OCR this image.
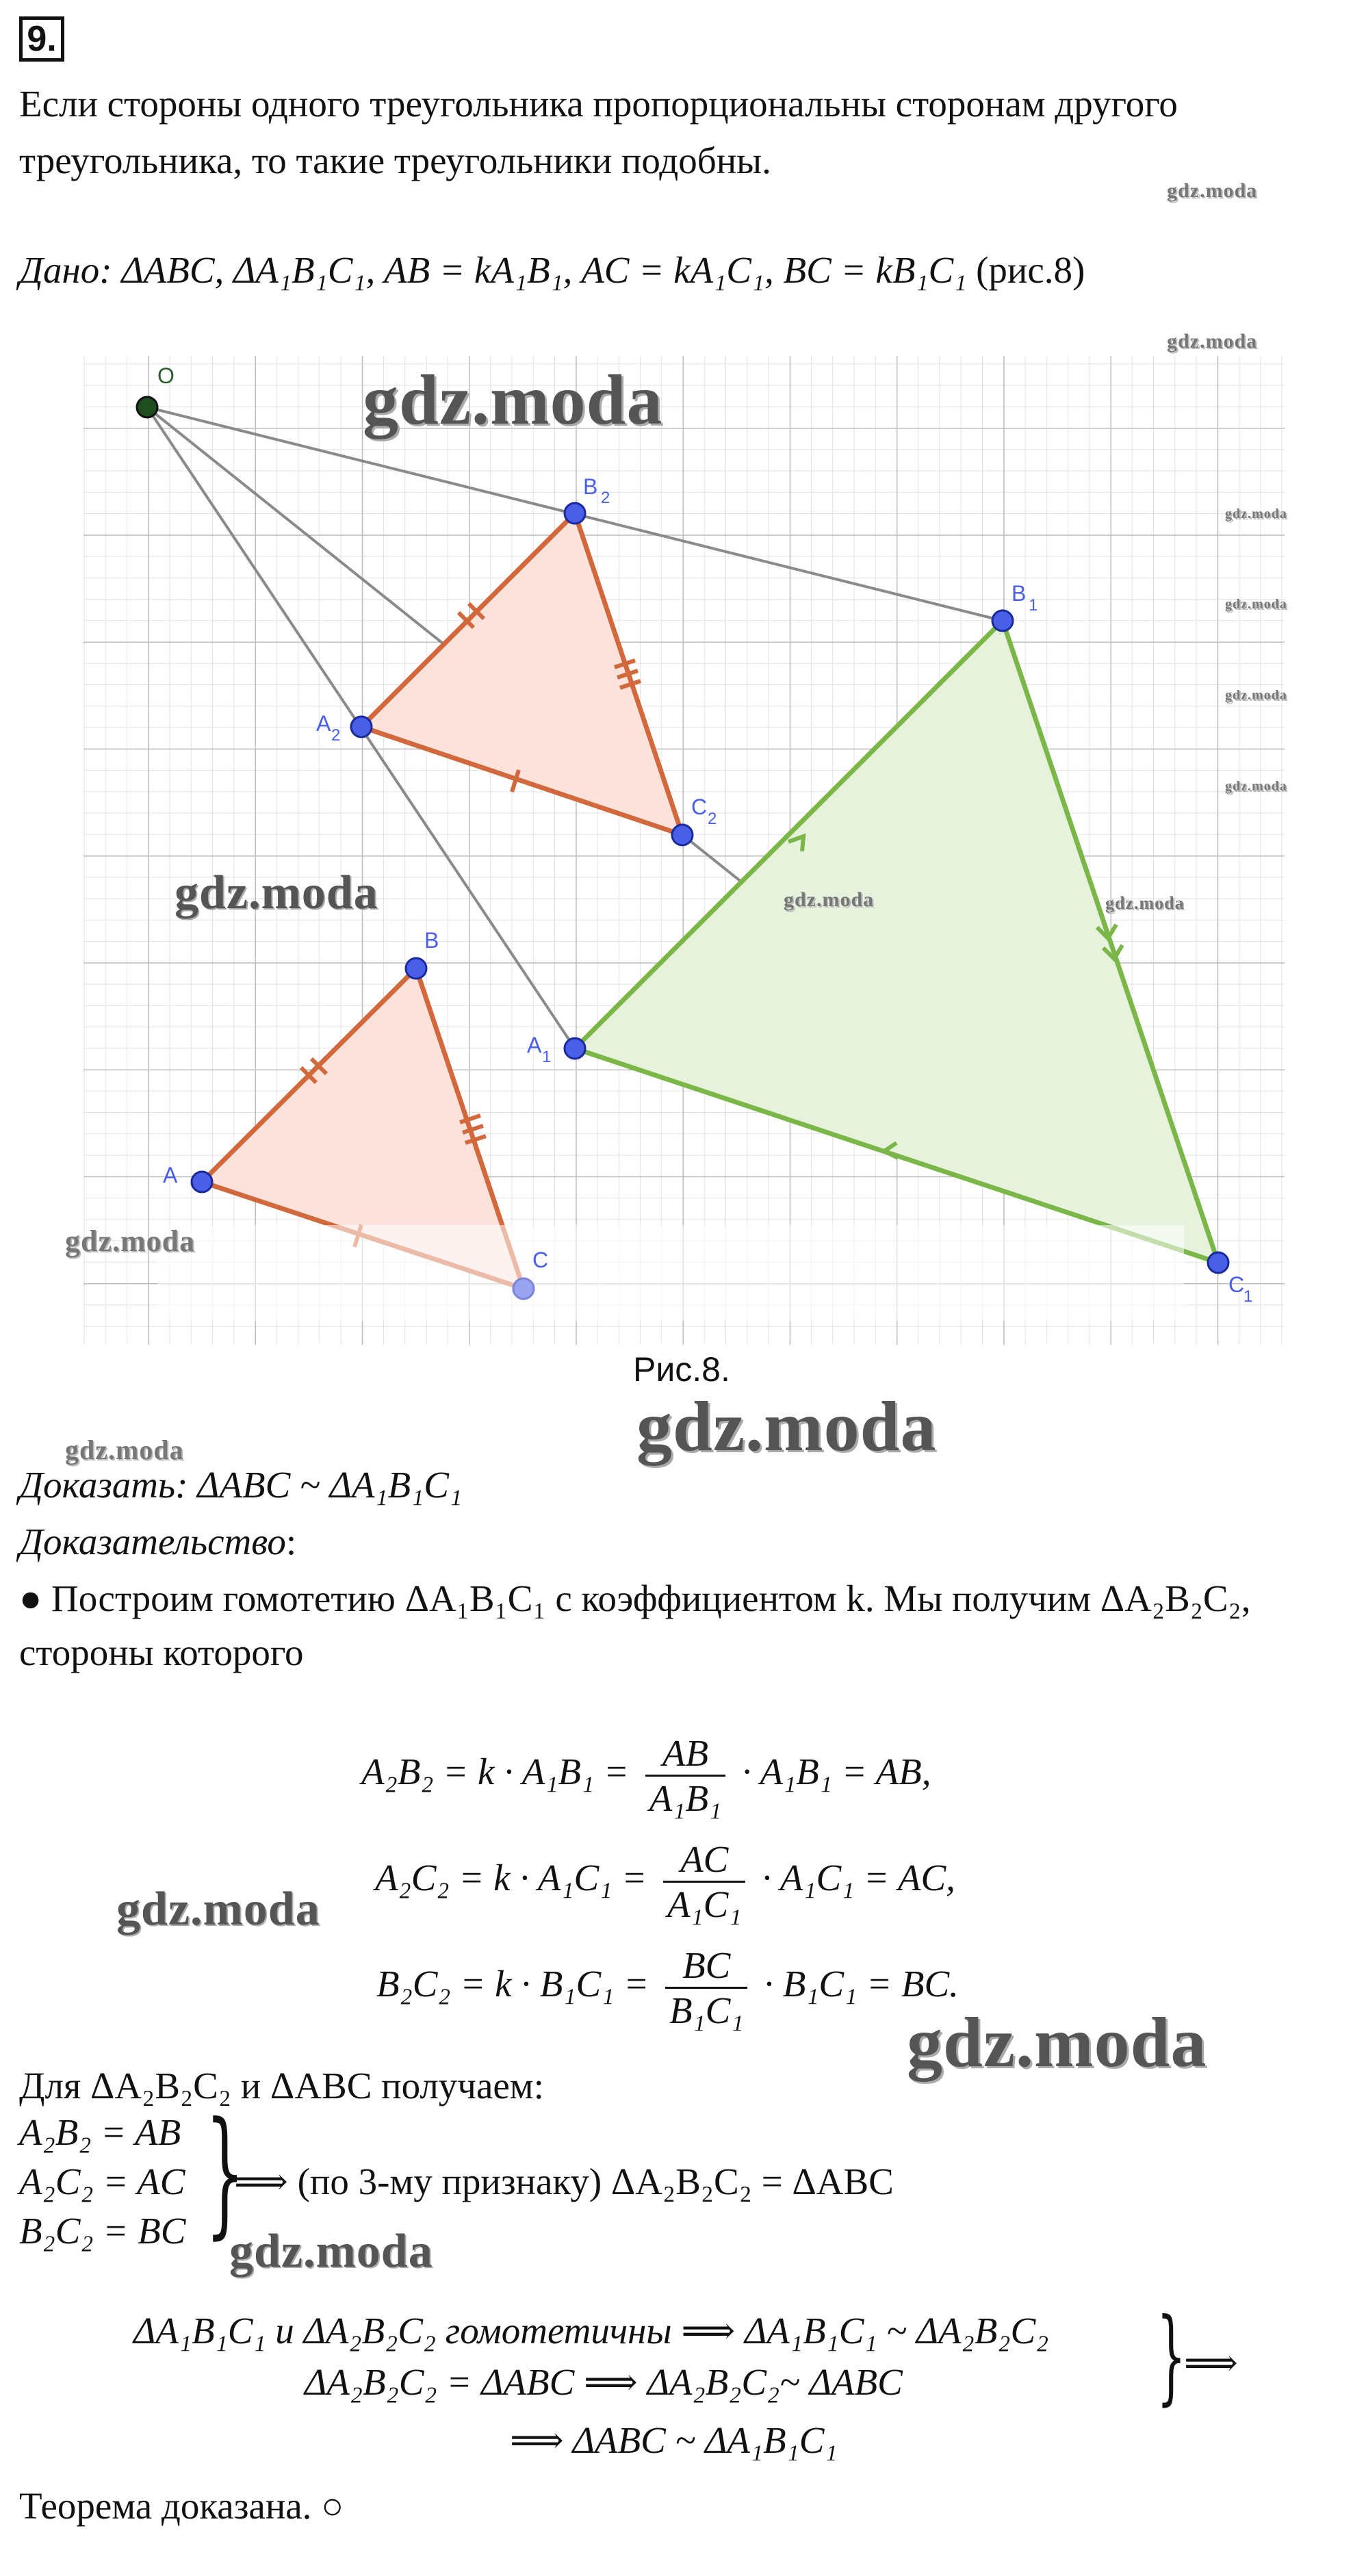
9.
Если стороны одного треугольника пропорциональны сторонам другого
треугольника, то такие треугольники подобны.
gdz.moda
Дано: ΔABC, ΔA₁B₁C₁, AB = kA₁B₁, AC = kA₁C₁, BC = kB₁C₁ (рис.8)
O
B 2
B 1
A 2
C 2
B
A 1
A
C
1
C
gdz.moda
gdz.moda
gdz.moda
gdz.moda
gdz.moda
gdz.moda
gdz.moda	gdz.moda	gdz.moda
gdz.moda
Рис.8.
gdz.moda
gdz.moda
Доказать: ΔABC ~ ΔA₁B₁C₁
Доказательство:
● Построим гомотетию ΔA₁B₁C₁ с коэффициентом k. Мы получим ΔA₂B₂C₂,
стороны которого
$A_2B_2 = k \cdot A_1B_1 = \frac{AB}{\text{A₁B₁}} \cdot A_1B_1$ = AB,
$A_2C_2 = k \cdot A_1C_1 = \frac{AC}{\text{A₁C₁}} \cdot A_1C_1$ = AC,
gdz.moda
$B_2C_2 = k \cdot B_1C_1 = \frac{BC}{\text{B₁C₁}} \cdot B_1C_1$ = BC.
gdz.moda
Для ΔA₂B₂C₂ и ΔABC получаем:
A₂B₂ = AB
A₂C₂ = AC
B₂C₂ = BC }
⟹ (по 3-му признаку) ΔA₂B₂C₂ = ΔABC
gdz.moda
ΔA₁B₁C₁ и ΔA₂B₂C₂ гомотетичны ⟹ ΔA₁B₁C₁ ~ ΔA₂B₂C₂
ΔA₂B₂C₂ = ΔABC ⟹ ΔA₂B₂C₂~ ΔABC }
⟹
⟹ ΔABC ~ ΔA₁B₁C₁
Теорема доказана. ○
